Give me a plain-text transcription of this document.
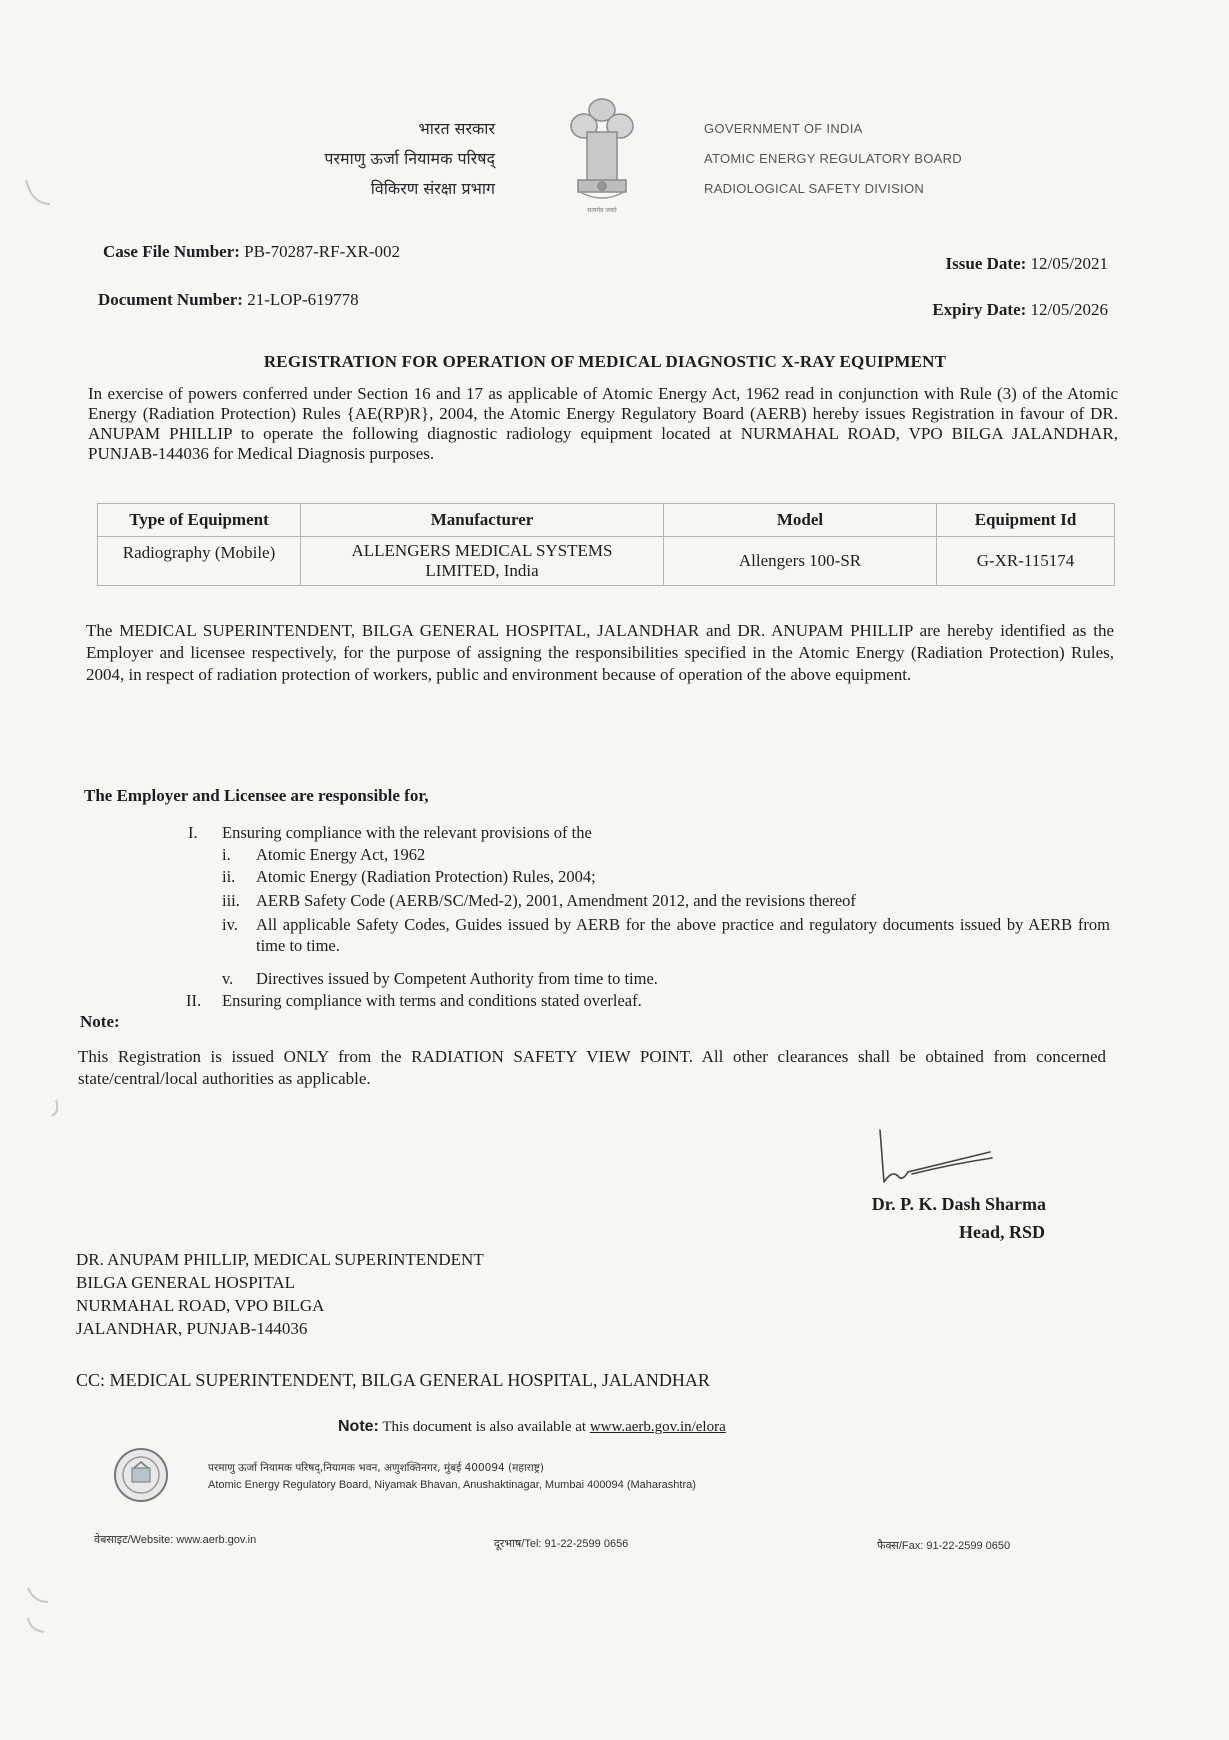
भारत सरकार
परमाणु ऊर्जा नियामक परिषद्
विकिरण संरक्षा प्रभाग
सत्यमेव जयते
GOVERNMENT OF INDIA
ATOMIC ENERGY REGULATORY BOARD
RADIOLOGICAL SAFETY DIVISION
Case File Number: PB-70287-RF-XR-002
Issue Date: 12/05/2021
Document Number: 21-LOP-619778
Expiry Date: 12/05/2026
REGISTRATION FOR OPERATION OF MEDICAL DIAGNOSTIC X-RAY EQUIPMENT
In exercise of powers conferred under Section 16 and 17 as applicable of Atomic Energy Act, 1962 read in conjunction with Rule (3) of the Atomic Energy (Radiation Protection) Rules {AE(RP)R}, 2004, the Atomic Energy Regulatory Board (AERB) hereby issues Registration in favour of DR. ANUPAM PHILLIP to operate the following diagnostic radiology equipment located at NURMAHAL ROAD, VPO BILGA JALANDHAR, PUNJAB-144036 for Medical Diagnosis purposes.
Type of Equipment	Manufacturer	Model	Equipment Id
Radiography (Mobile)	ALLENGERS MEDICAL SYSTEMS LIMITED, India	Allengers 100-SR	G-XR-115174
The MEDICAL SUPERINTENDENT, BILGA GENERAL HOSPITAL, JALANDHAR and DR. ANUPAM PHILLIP are hereby identified as the Employer and licensee respectively, for the purpose of assigning the responsibilities specified in the Atomic Energy (Radiation Protection) Rules, 2004, in respect of radiation protection of workers, public and environment because of operation of the above equipment.
The Employer and Licensee are responsible for,
I. Ensuring compliance with the relevant provisions of the
i. Atomic Energy Act, 1962
ii. Atomic Energy (Radiation Protection) Rules, 2004;
iii. AERB Safety Code (AERB/SC/Med-2), 2001, Amendment 2012, and the revisions thereof
iv.	All applicable Safety Codes, Guides issued by AERB for the above practice and regulatory documents issued by AERB from time to time.
v. Directives issued by Competent Authority from time to time.
II. Ensuring compliance with terms and conditions stated overleaf.
Note:
This Registration is issued ONLY from the RADIATION SAFETY VIEW POINT. All other clearances shall be obtained from concerned state/central/local authorities as applicable.
Dr. P. K. Dash Sharma
Head, RSD
DR. ANUPAM PHILLIP, MEDICAL SUPERINTENDENT
BILGA GENERAL HOSPITAL
NURMAHAL ROAD, VPO BILGA
JALANDHAR, PUNJAB-144036
CC: MEDICAL SUPERINTENDENT, BILGA GENERAL HOSPITAL, JALANDHAR
Note: This document is also available at www.aerb.gov.in/elora
परमाणु ऊर्जा नियामक परिषद्,नियामक भवन, अणुशक्तिनगर, मुंबई 400094 (महाराष्ट्र)
Atomic Energy Regulatory Board, Niyamak Bhavan, Anushaktinagar, Mumbai 400094 (Maharashtra)
वेबसाइट/Website: www.aerb.gov.in	दूरभाष/Tel: 91-22-2599 0656	फैक्स/Fax: 91-22-2599 0650
